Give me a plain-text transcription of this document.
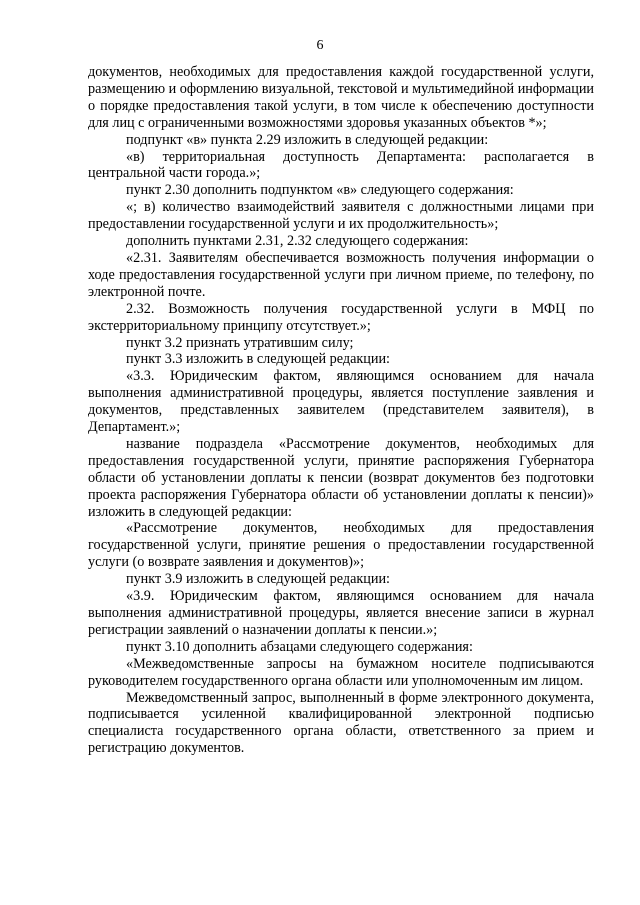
6

документов, необходимых для предоставления каждой государственной услуги, размещению и оформлению визуальной, текстовой и мультимедийной информации о порядке предоставления такой услуги, в том числе к обеспечению доступности для лиц с ограниченными возможностями здоровья указанных объектов *»;

подпункт «в» пункта 2.29 изложить в следующей редакции:

«в) территориальная доступность Департамента: располагается в центральной части города.»;

пункт 2.30 дополнить подпунктом «в» следующего содержания:

«; в) количество взаимодействий заявителя с должностными лицами при предоставлении государственной услуги и их продолжительность»;

дополнить пунктами 2.31, 2.32 следующего содержания:

«2.31. Заявителям обеспечивается возможность получения информации о ходе предоставления государственной услуги при личном приеме, по телефону, по электронной почте.

2.32. Возможность получения государственной услуги в МФЦ по экстерриториальному принципу отсутствует.»;

пункт 3.2 признать утратившим силу;

пункт 3.3 изложить в следующей редакции:

«3.3. Юридическим фактом, являющимся основанием для начала выполнения административной процедуры, является поступление заявления и документов, представленных заявителем (представителем заявителя), в Департамент.»;

название подраздела «Рассмотрение документов, необходимых для предоставления государственной услуги, принятие распоряжения Губернатора области об установлении доплаты к пенсии (возврат документов без подготовки проекта распоряжения Губернатора области об установлении доплаты к пенсии)» изложить в следующей редакции:

«Рассмотрение документов, необходимых для предоставления государственной услуги, принятие решения о предоставлении государственной услуги (о возврате заявления и документов)»;

пункт 3.9 изложить в следующей редакции:

«3.9. Юридическим фактом, являющимся основанием для начала выполнения административной процедуры, является внесение записи в журнал регистрации заявлений о назначении доплаты к пенсии.»;

пункт 3.10 дополнить абзацами следующего содержания:

«Межведомственные запросы на бумажном носителе подписываются руководителем государственного органа области или уполномоченным им лицом.

Межведомственный запрос, выполненный в форме электронного документа, подписывается усиленной квалифицированной электронной подписью специалиста государственного органа области, ответственного за прием и регистрацию документов.
